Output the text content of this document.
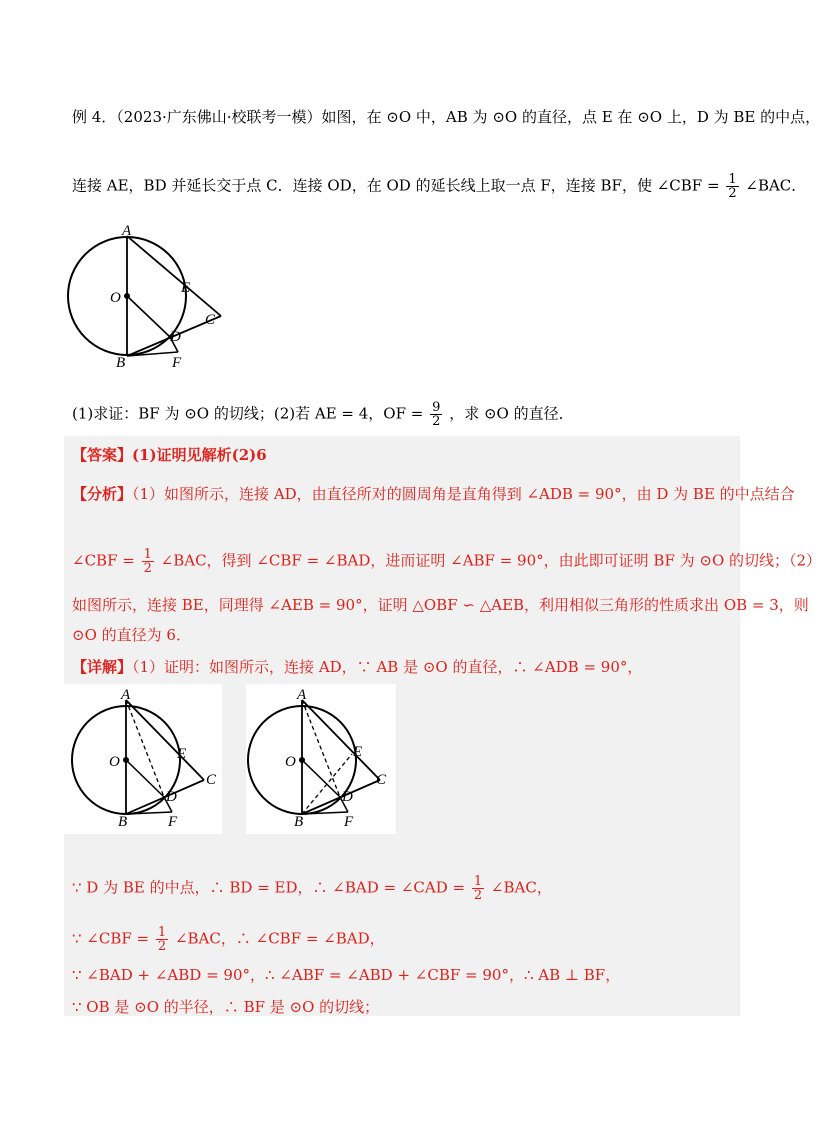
例 4．（2023·广东佛山·校联考一模）如图，在 ⊙O 中，AB 为 ⊙O 的直径，点 E 在 ⊙O 上，D 为 BE 的中点，
连接 AE，BD 并延长交于点 C．连接 OD，在 OD 的延长线上取一点 F，连接 BF，使 ∠CBF = $\frac{1}{2}$ ∠BAC．
A
O
E
C
D
B	F
(1)求证：BF 为 ⊙O 的切线；(2)若 AE = 4，OF = $\frac{9}{2}$ ，求 ⊙O 的直径．
【答案】(1)证明见解析(2)6
【分析】（1）如图所示，连接 AD，由直径所对的圆周角是直角得到 ∠ADB = 90°，由 D 为 BE 的中点结合
∠CBF = $\frac{1}{2}$ ∠BAC，得到 ∠CBF = ∠BAD，进而证明 ∠ABF = 90°，由此即可证明 BF 为 ⊙O 的切线；（2）
如图所示，连接 BE，同理得 ∠AEB = 90°，证明 △OBF ∽ △AEB，利用相似三角形的性质求出 OB = 3，则
⊙O 的直径为 6．
【详解】（1）证明：如图所示，连接 AD，∵ AB 是 ⊙O 的直径，∴ ∠ADB = 90°，
A
O	E
C
D
B	F
A
O
E
C
D
B	F
∵ D 为 BE 的中点，∴ BD = ED，∴ ∠BAD = ∠CAD = $\frac{1}{2}$ ∠BAC，
∵ ∠CBF = $\frac{1}{2}$ ∠BAC，∴ ∠CBF = ∠BAD，
∵ ∠BAD + ∠ABD = 90°，∴ ∠ABF = ∠ABD + ∠CBF = 90°，∴ AB ⊥ BF，
∵ OB 是 ⊙O 的半径，∴ BF 是 ⊙O 的切线；
